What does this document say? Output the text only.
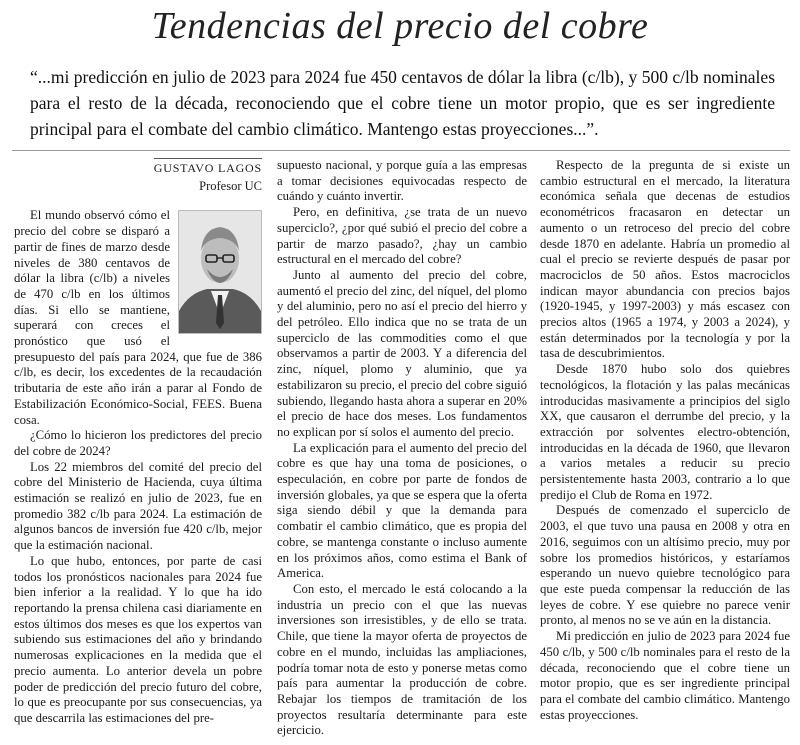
Tendencias del precio del cobre

“...mi predicción en julio de 2023 para 2024 fue 450 centavos de dólar la libra (c/lb), y 500 c/lb nominales para el resto de la década, reconociendo que el cobre tiene un motor propio, que es ser ingrediente principal para el combate del cambio climático. Mantengo estas proyecciones...”.

GUSTAVO LAGOS
Profesor UC

El mundo observó cómo el precio del cobre se disparó a partir de fines de marzo desde niveles de 380 centavos de dólar la libra (c/lb) a niveles de 470 c/lb en los últimos días. Si ello se mantiene, superará con creces el pronóstico que usó el presupuesto del país para 2024, que fue de 386 c/lb, es decir, los excedentes de la recaudación tributaria de este año irán a parar al Fondo de Estabilización Económico-Social, FEES. Buena cosa.

¿Cómo lo hicieron los predictores del precio del cobre de 2024?

Los 22 miembros del comité del precio del cobre del Ministerio de Hacienda, cuya última estimación se realizó en julio de 2023, fue en promedio 382 c/lb para 2024. La estimación de algunos bancos de inversión fue 420 c/lb, mejor que la estimación nacional.

Lo que hubo, entonces, por parte de casi todos los pronósticos nacionales para 2024 fue bien inferior a la realidad. Y lo que ha ido reportando la prensa chilena casi diariamente en estos últimos dos meses es que los expertos van subiendo sus estimaciones del año y brindando numerosas explicaciones en la medida que el precio aumenta. Lo anterior devela un pobre poder de predicción del precio futuro del cobre, lo que es preocupante por sus consecuencias, ya que descarrila las estimaciones del pre-

supuesto nacional, y porque guía a las empresas a tomar decisiones equivocadas respecto de cuándo y cuánto invertir.

Pero, en definitiva, ¿se trata de un nuevo superciclo?, ¿por qué subió el precio del cobre a partir de marzo pasado?, ¿hay un cambio estructural en el mercado del cobre?

Junto al aumento del precio del cobre, aumentó el precio del zinc, del níquel, del plomo y del aluminio, pero no así el precio del hierro y del petróleo. Ello indica que no se trata de un superciclo de las commodities como el que observamos a partir de 2003. Y a diferencia del zinc, níquel, plomo y aluminio, que ya estabilizaron su precio, el precio del cobre siguió subiendo, llegando hasta ahora a superar en 20% el precio de hace dos meses. Los fundamentos no explican por sí solos el aumento del precio.

La explicación para el aumento del precio del cobre es que hay una toma de posiciones, o especulación, en cobre por parte de fondos de inversión globales, ya que se espera que la oferta siga siendo débil y que la demanda para combatir el cambio climático, que es propia del cobre, se mantenga constante o incluso aumente en los próximos años, como estima el Bank of America.

Con esto, el mercado le está colocando a la industria un precio con el que las nuevas inversiones son irresistibles, y de ello se trata. Chile, que tiene la mayor oferta de proyectos de cobre en el mundo, incluidas las ampliaciones, podría tomar nota de esto y ponerse metas como país para aumentar la producción de cobre. Rebajar los tiempos de tramitación de los proyectos resultaría determinante para este ejercicio.

Respecto de la pregunta de si existe un cambio estructural en el mercado, la literatura económica señala que decenas de estudios econométricos fracasaron en detectar un aumento o un retroceso del precio del cobre desde 1870 en adelante. Habría un promedio al cual el precio se revierte después de pasar por macrociclos de 50 años. Estos macrociclos indican mayor abundancia con precios bajos (1920-1945, y 1997-2003) y más escasez con precios altos (1965 a 1974, y 2003 a 2024), y están determinados por la tecnología y por la tasa de descubrimientos.

Desde 1870 hubo solo dos quiebres tecnológicos, la flotación y las palas mecánicas introducidas masivamente a principios del siglo XX, que causaron el derrumbe del precio, y la extracción por solventes electro-obtención, introducidas en la década de 1960, que llevaron a varios metales a reducir su precio persistentemente hasta 2003, contrario a lo que predijo el Club de Roma en 1972.

Después de comenzado el superciclo de 2003, el que tuvo una pausa en 2008 y otra en 2016, seguimos con un altísimo precio, muy por sobre los promedios históricos, y estaríamos esperando un nuevo quiebre tecnológico para que este pueda compensar la reducción de las leyes de cobre. Y ese quiebre no parece venir pronto, al menos no se ve aún en la distancia.

Mi predicción en julio de 2023 para 2024 fue 450 c/lb, y 500 c/lb nominales para el resto de la década, reconociendo que el cobre tiene un motor propio, que es ser ingrediente principal para el combate del cambio climático. Mantengo estas proyecciones.
